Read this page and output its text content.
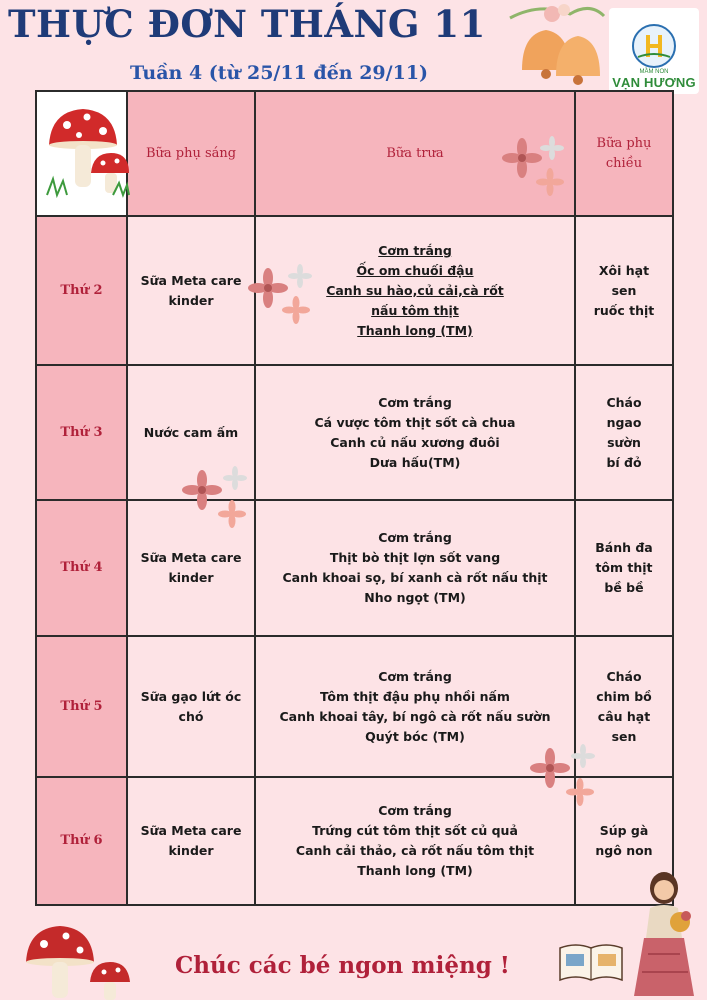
THỰC ĐƠN THÁNG 11
Tuần 4 (từ 25/11 đến 29/11)	MẦM NON
VẠN HƯƠNG
	Bữa phụ sáng	Bữa trưa	Bữa phụ chiều
Thứ 2	Sữa Meta care kinder	Cơm trắng
Ốc om chuối đậu
Canh su hào,củ cải,cà rốt
nấu tôm thịt
Thanh long (TM)	Xôi hạt
sen
ruốc thịt

Thứ 3	Nước cam ấm	Cơm trắng
Cá vược tôm thịt sốt cà chua
Canh củ nấu xương đuôi
Dưa hấu(TM)	Cháo
ngao
sườn
bí đỏ

Thứ 4	Sữa Meta care kinder	Cơm trắng
Thịt bò thịt lợn sốt vang
Canh khoai sọ, bí xanh cà rốt nấu thịt
Nho ngọt (TM)	Bánh đa
tôm thịt
bề bề

Thứ 5	Sữa gạo lứt óc chó	Cơm trắng
Tôm thịt đậu phụ nhồi nấm
Canh khoai tây, bí ngô cà rốt nấu sườn
Quýt bóc (TM)	Cháo
chim bồ
câu hạt
sen

Thứ 6	Sữa Meta care kinder	Cơm trắng
Trứng cút tôm thịt sốt củ quả
Canh cải thảo, cà rốt nấu tôm thịt
Thanh long (TM)	Súp gà
ngô non
Chúc các bé ngon miệng !
